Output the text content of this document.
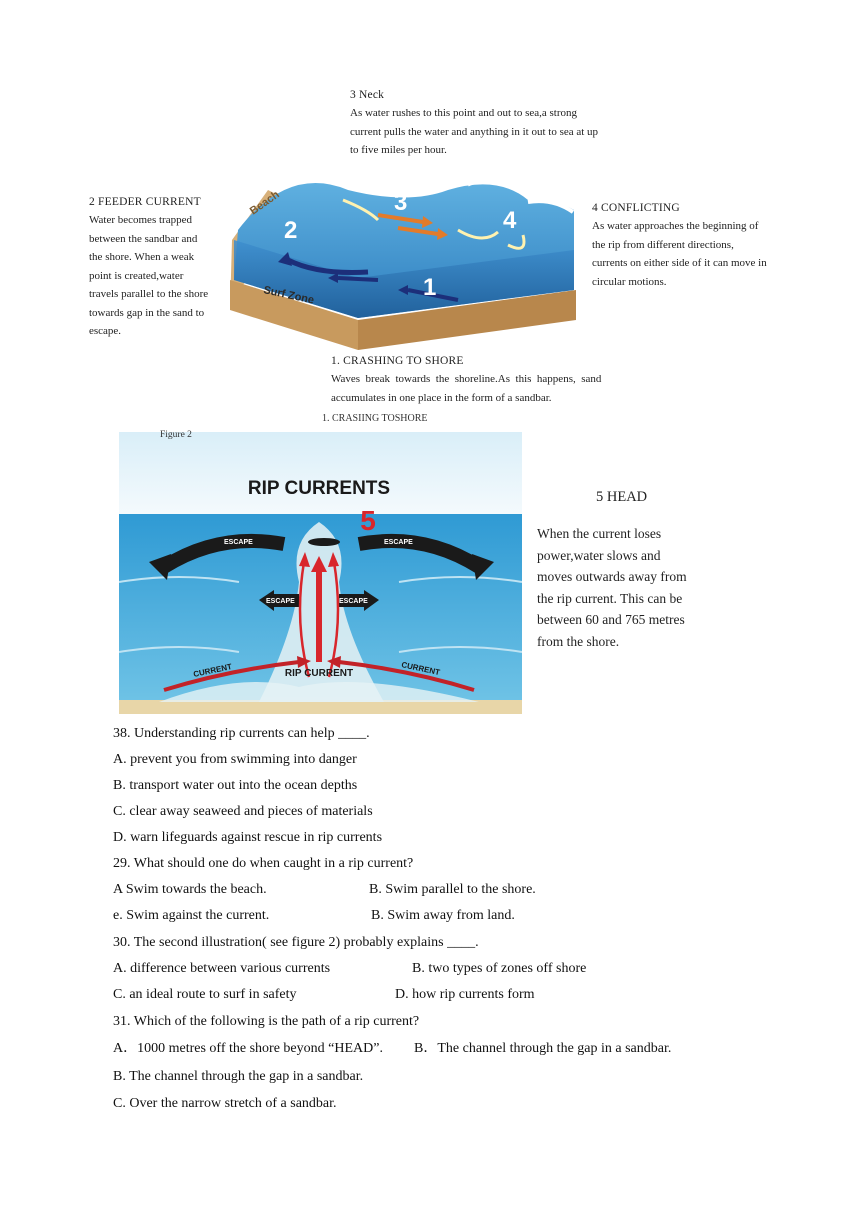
3 Neck
As water rushes to this point and out to sea,a strong
current pulls the water and anything in it out to sea at up
to five miles per hour.
2 FEEDER CURRENT
Water becomes trapped
between the sandbar and
the shore. When a weak
point is created,water
travels parallel to the shore
towards gap in the sand to
escape.
4 CONFLICTING
As water approaches the beginning of
the rip from different directions,
currents on either side of it can move in
circular motions.
1. CRASHING TO SHORE
Waves  break  towards  the  shoreline.As  this  happens,  sand
accumulates in one place in the form of a sandbar.
Beach
Surf Zone	1
2
3
4
1. CRASIING TOSHORE
RIP CURRENTS
5
ESCAPE	ESCAPE
ESCAPE	ESCAPE
CURRENT	CURRENT
RIP CURRENT
Figure 2
5 HEAD
When the current loses
power,water slows and
moves outwards away from
the rip current. This can be
between 60 and 765 metres
from the shore.
38. Understanding rip currents can help ____.
A. prevent you from swimming into danger
B. transport water out into the ocean depths
C. clear away seaweed and pieces of materials
D. warn lifeguards against rescue in rip currents
29. What should one do when caught in a rip current?
A Swim towards the beach.	B. Swim parallel to the shore.
e. Swim against the current.	B. Swim away from land.
30. The second illustration( see figure 2) probably explains ____.
A. difference between various currents	B. two types of zones off shore
C. an ideal route to surf in safety	D. how rip currents form
31. Which of the following is the path of a rip current?
A．1000 metres off the shore beyond “HEAD”. B．The channel through the gap in a sandbar.
B. The channel through the gap in a sandbar.
C. Over the narrow stretch of a sandbar.
